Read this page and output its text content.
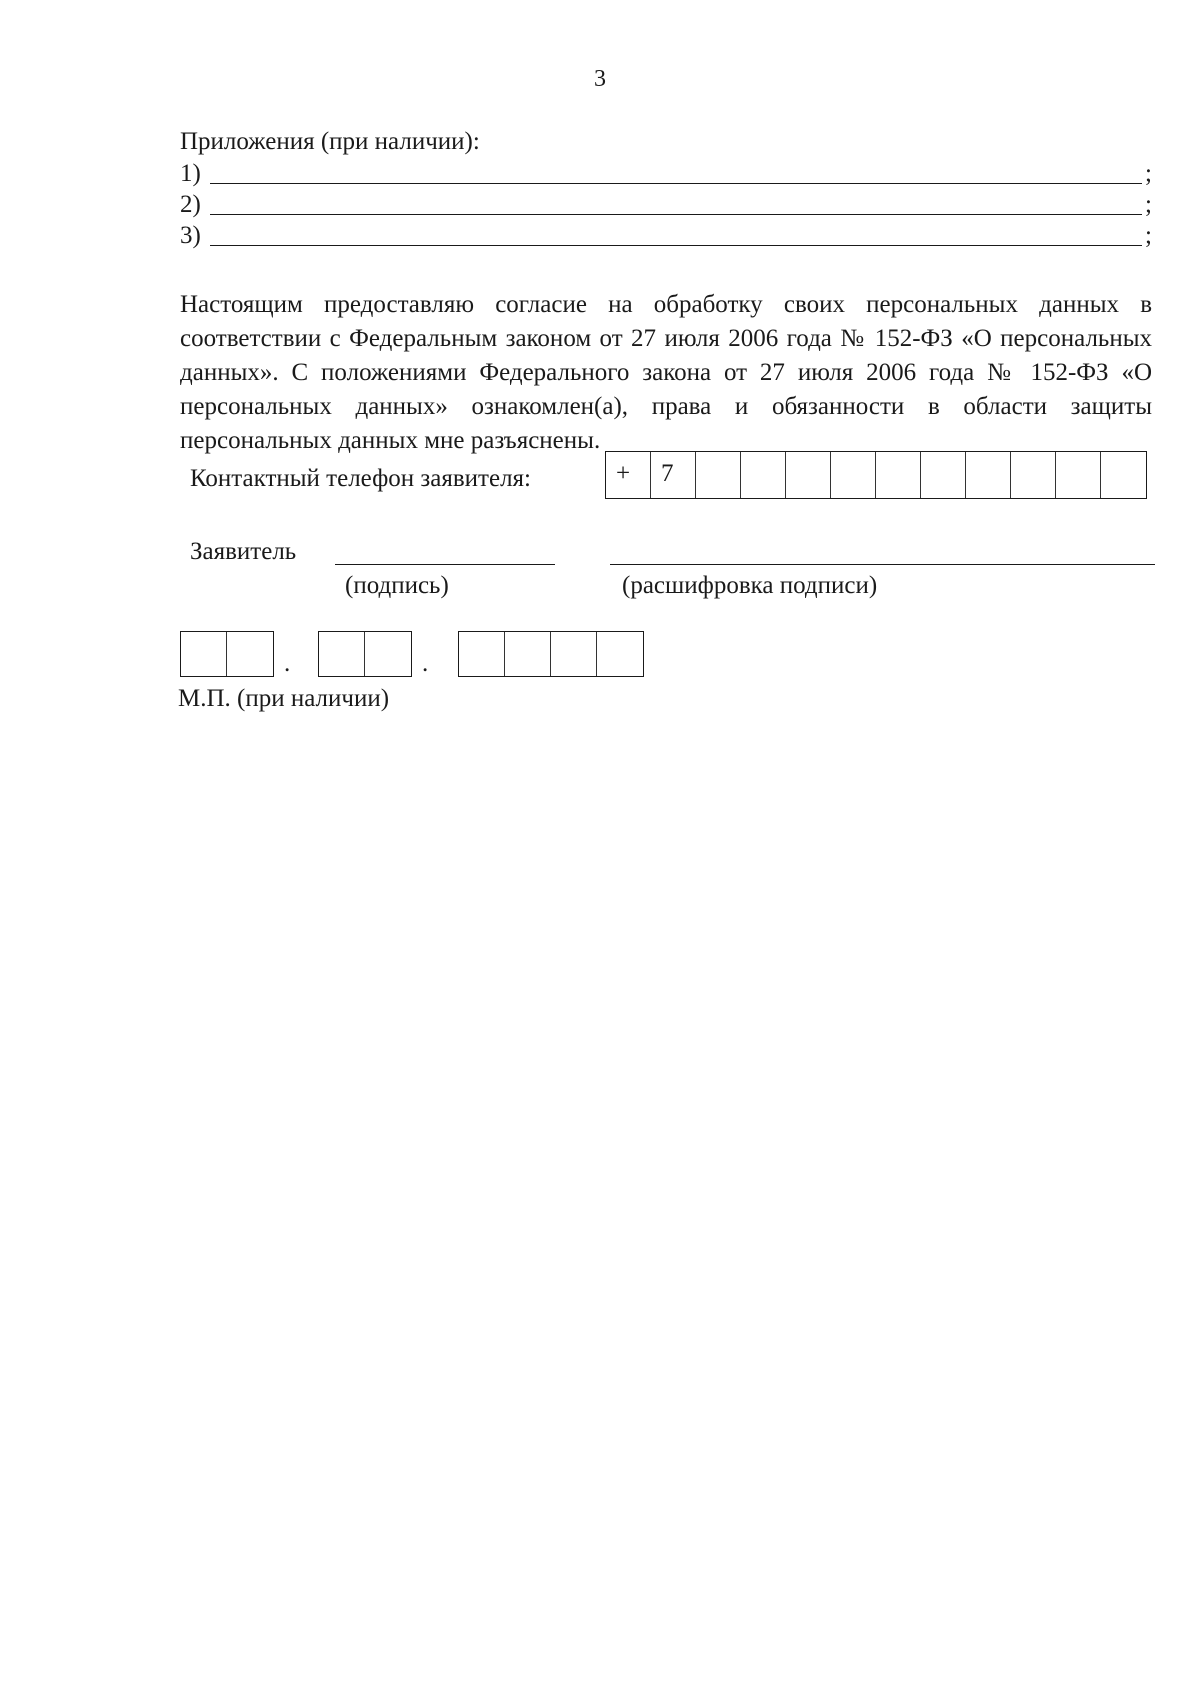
3
Приложения (при наличии):
1)	;
2)	;
3)	;
Настоящим предоставляю согласие на обработку своих персональных данных в соответствии с Федеральным законом от 27 июля 2006 года № 152-ФЗ «О персональных данных». С положениями Федерального закона от 27 июля 2006 года № 152-ФЗ «О персональных данных» ознакомлен(а), права и обязанности в области защиты персональных данных мне разъяснены.
Контактный телефон заявителя:	+	7
Заявитель
(подпись)	(расшифровка подписи)
.	.
М.П. (при наличии)
